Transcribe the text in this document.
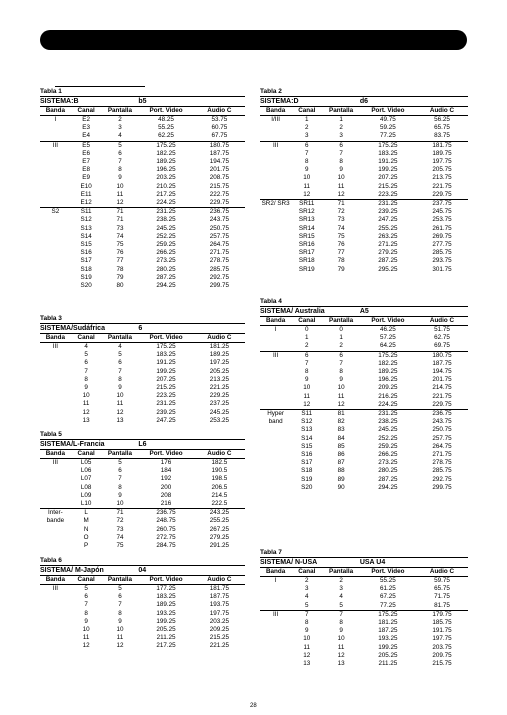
Tabla 1
SISTEMA:B	b5
Banda	Canal	Pantalla	Port. Video	Audio C
I	E2	2	48.25	53.75
	E3	3	55.25	60.75
	E4	4	62.25	67.75
III	E5	5	175.25	180.75
	E6	6	182.25	187.75
	E7	7	189.25	194.75
	E8	8	196.25	201.75
	E9	9	203.25	208.75
	E10	10	210.25	215.75
	E11	11	217.25	222.75
	E12	12	224.25	229.75
S2	S11	71	231.25	236.75
	S12	71	238.25	243.75
	S13	73	245.25	250.75
	S14	74	252.25	257.75
	S15	75	259.25	264.75
	S16	76	266.25	271.75
	S17	77	273.25	278.75
	S18	78	280.25	285.75
	S19	79	287.25	292.75
	S20	80	294.25	299.75
Tabla 2
SISTEMA:D	d6
Banda	Canal	Pantalla	Port. Video	Audio C
I/III	1	1	49.75	56.25
	2	2	59.25	65.75
	3	3	77.25	83.75
III	6	6	175.25	181.75
	7	7	183.25	189.75
	8	8	191.25	197.75
	9	9	199.25	205.75
	10	10	207.25	213.75
	11	11	215.25	221.75
	12	12	223.25	229.75
SR2/ SR3	SR11	71	231.25	237.75
	SR12	72	239.25	245.75
	SR13	73	247.25	253.75
	SR14	74	255.25	261.75
	SR15	75	263.25	269.75
	SR16	76	271.25	277.75
	SR17	77	279.25	285.75
	SR18	78	287.25	293.75
	SR19	79	295.25	301.75
Tabla 3
SISTEMA/Sudáfrica	6
Banda	Canal	Pantalla	Port. Video	Audio C
III	4	4	175.25	181.25
	5	5	183.25	189.25
	6	6	191.25	197.25
	7	7	199.25	205.25
	8	8	207.25	213.25
	9	9	215.25	221.25
	10	10	223.25	229.25
	11	11	231.25	237.25
	12	12	239.25	245.25
	13	13	247.25	253.25
Tabla 4
SISTEMA/ Australia	A5
Banda	Canal	Pantalla	Port. Video	Audio C
I	0	0	46.25	51.75
	1	1	57.25	62.75
	2	2	64.25	69.75
III	6	6	175.25	180.75
	7	7	182.25	187.75
	8	8	189.25	194.75
	9	9	196.25	201.75
	10	10	209.25	214.75
	11	11	216.25	221.75
	12	12	224.25	229.75
Hyper band	S11	81	231.25	236.75
	S12	82	238.25	243.75
	S13	83	245.25	250.75
	S14	84	252.25	257.75
	S15	85	259.25	264.75
	S16	86	266.25	271.75
	S17	87	273.25	278.75
	S18	88	280.25	285.75
	S19	89	287.25	292.75
	S20	90	294.25	299.75
Tabla 5
SISTEMA/L-Francia	L6
Banda	Canal	Pantalla	Port. Video	Audio C
III	L05	5	176	182.5
	L06	6	184	190.5
	L07	7	192	198.5
	L08	8	200	206.5
	L09	9	208	214.5
	L10	10	216	222.5
Inter- bande	L	71	236.75	243.25
	M	72	248.75	255.25
	N	73	260.75	267.25
	O	74	272.75	279.25
	P	75	284.75	291.25
Tabla 6
SISTEMA/ M-Japón	04
Banda	Canal	Pantalla	Port. Video	Audio C
III	5	5	177.25	181.75
	6	6	183.25	187.75
	7	7	189.25	193.75
	8	8	193.25	197.75
	9	9	199.25	203.25
	10	10	205.25	209.25
	11	11	211.25	215.25
	12	12	217.25	221.25
Tabla 7
SISTEMA/ N-USA	USA U4
Banda	Canal	Pantalla	Port. Video	Audio C
I	2	2	55.25	59.75
	3	3	61.25	65.75
	4	4	67.25	71.75
	5	5	77.25	81.75
III	7	7	175.25	179.75
	8	8	181.25	185.75
	9	9	187.25	191.75
	10	10	193.25	197.75
	11	11	199.25	203.75
	12	12	205.25	209.75
	13	13	211.25	215.75
28
